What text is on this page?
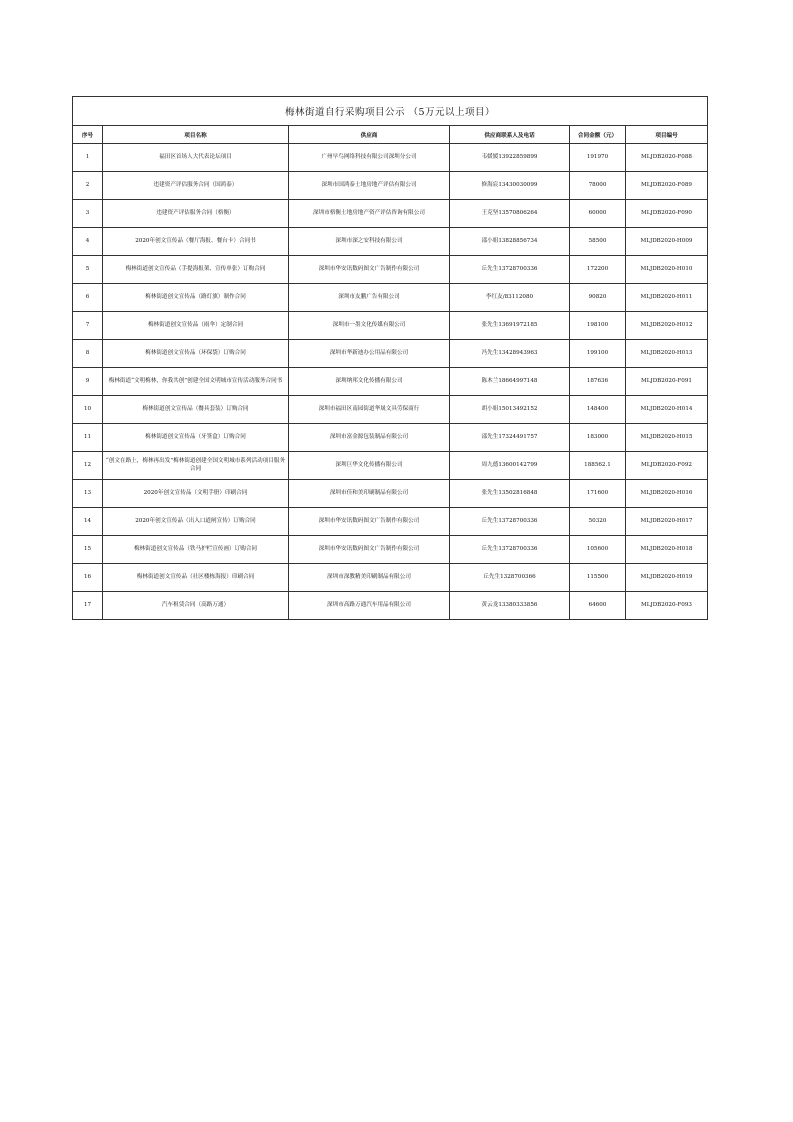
梅林街道自行采购项目公示 （5万元以上项目）					
序号	项目名称	供应商	供应商联系人及电话	合同金额（元）	项目编号
1	福田区首场人大代表论坛项目	广州早鸟网络科技有限公司深圳分公司	韦媛媛13922859899	191970	MLJDB2020-F088
2	违建资产评估服务合同（国鸿泰）	深圳市国鸿泰土地房地产评估有限公司	修海宸13430030099	78000	MLJDB2020-F089
3	违建资产评估服务合同（格衡）	深圳市格衡土地房地产资产评估咨询有限公司	王克坚13570806264	60000	MLJDB2020-F090
4	2020年创文宣传品（餐厅海报、餐台卡）合同书	深圳市深之安科技有限公司	邵小姐13828856734	58500	MLJDB2020-H009
5	梅林街道创文宣传品（手提海报架、宣传单张）订购合同	深圳市华安讯数码图文广告制作有限公司	丘先生13728700336	172200	MLJDB2020-H010
6	梅林街道创文宣传品（路灯旗）制作合同	深圳市友鹏广告有限公司	李红友/83112080	90820	MLJDB2020-H011
7	梅林街道创文宣传品（雨伞）定制合同	深圳市一墨文化传媒有限公司	张先生13691972185	198100	MLJDB2020-H012
8	梅林街道创文宣传品（环保袋）订购合同	深圳市华新迪办公用品有限公司	冯先生13428943963	199100	MLJDB2020-H013
9	梅林街道“文明梅林，你我共创”创建全国文明城市宣传活动服务合同书	深圳纳邦文化传播有限公司	陈木兰18664997148	187636	MLJDB2020-F091
10	梅林街道创文宣传品（餐具套装）订购合同	深圳市福田区南园街道华晟文具劳保商行	胡小姐15013492152	148400	MLJDB2020-H014
11	梅林街道创文宣传品（牙签盒）订购合同	深圳市富金源包装制品有限公司	邵先生17324491757	183000	MLJDB2020-H015
12	“创文在路上，梅林再出发”梅林街道创建全国文明城市系列活动项目服务合同	深圳巨华文化传播有限公司	周九德13600142799	188562.1	MLJDB2020-F092
13	2020年创文宣传品（文明手册）印刷合同	深圳市佳和美印刷制品有限公司	张先生13502816848	171600	MLJDB2020-H016
14	2020年创文宣传品（出入口道闸宣传）订购合同	深圳市华安讯数码图文广告制作有限公司	丘先生13728700336	50320	MLJDB2020-H017
15	梅林街道创文宣传品（铁马护栏宣传画）订购合同	深圳市华安讯数码图文广告制作有限公司	丘先生13728700336	105600	MLJDB2020-H018
16	梅林街道创文宣传品（社区楼栋海报）印刷合同	深圳市深教精美印刷制品有限公司	丘先生1328700366	115500	MLJDB2020-H019
17	汽车租赁合同（高路万通）	深圳市高路万通汽车用品有限公司	黄云龙13380333856	64600	MLJDB2020-F093
